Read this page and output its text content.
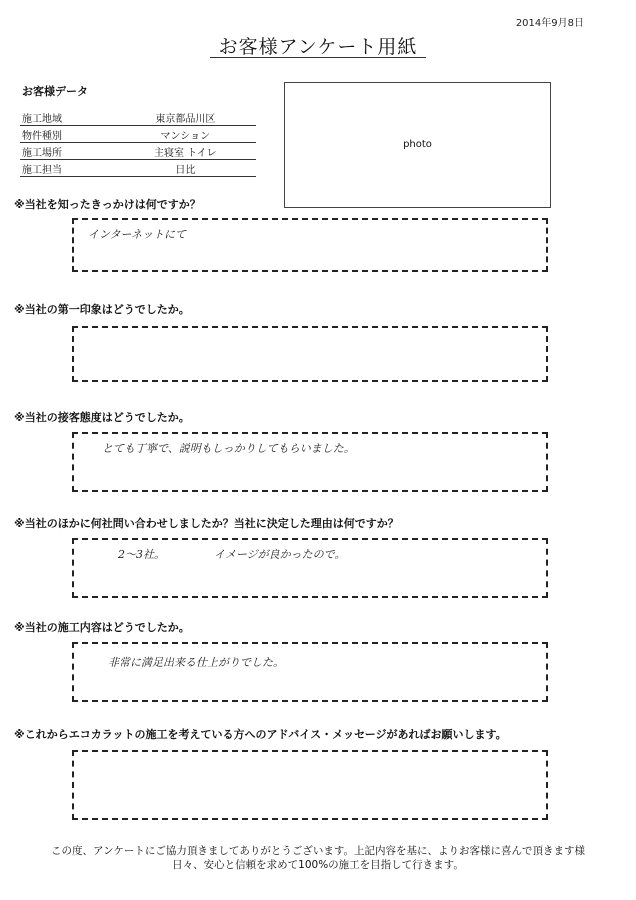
2014年9月8日
お客様アンケート用紙
お客様データ
施工地域	東京都品川区
物件種別	マンション
施工場所	主寝室 トイレ
施工担当	日比
photo
※当社を知ったきっかけは何ですか？
インターネットにて
※当社の第一印象はどうでしたか。
※当社の接客態度はどうでしたか。
とても丁寧で、説明もしっかりしてもらいました。
※当社のほかに何社問い合わせしましたか？当社に決定した理由は何ですか？
2～3社。	イメージが良かったので。
※当社の施工内容はどうでしたか。
非常に満足出来る仕上がりでした。
※これからエコカラットの施工を考えている方へのアドバイス・メッセージがあればお願いします。
この度、アンケートにご協力頂きましてありがとうございます。上記内容を基に、よりお客様に喜んで頂きます様
日々、安心と信頼を求めて100%の施工を目指して行きます。
